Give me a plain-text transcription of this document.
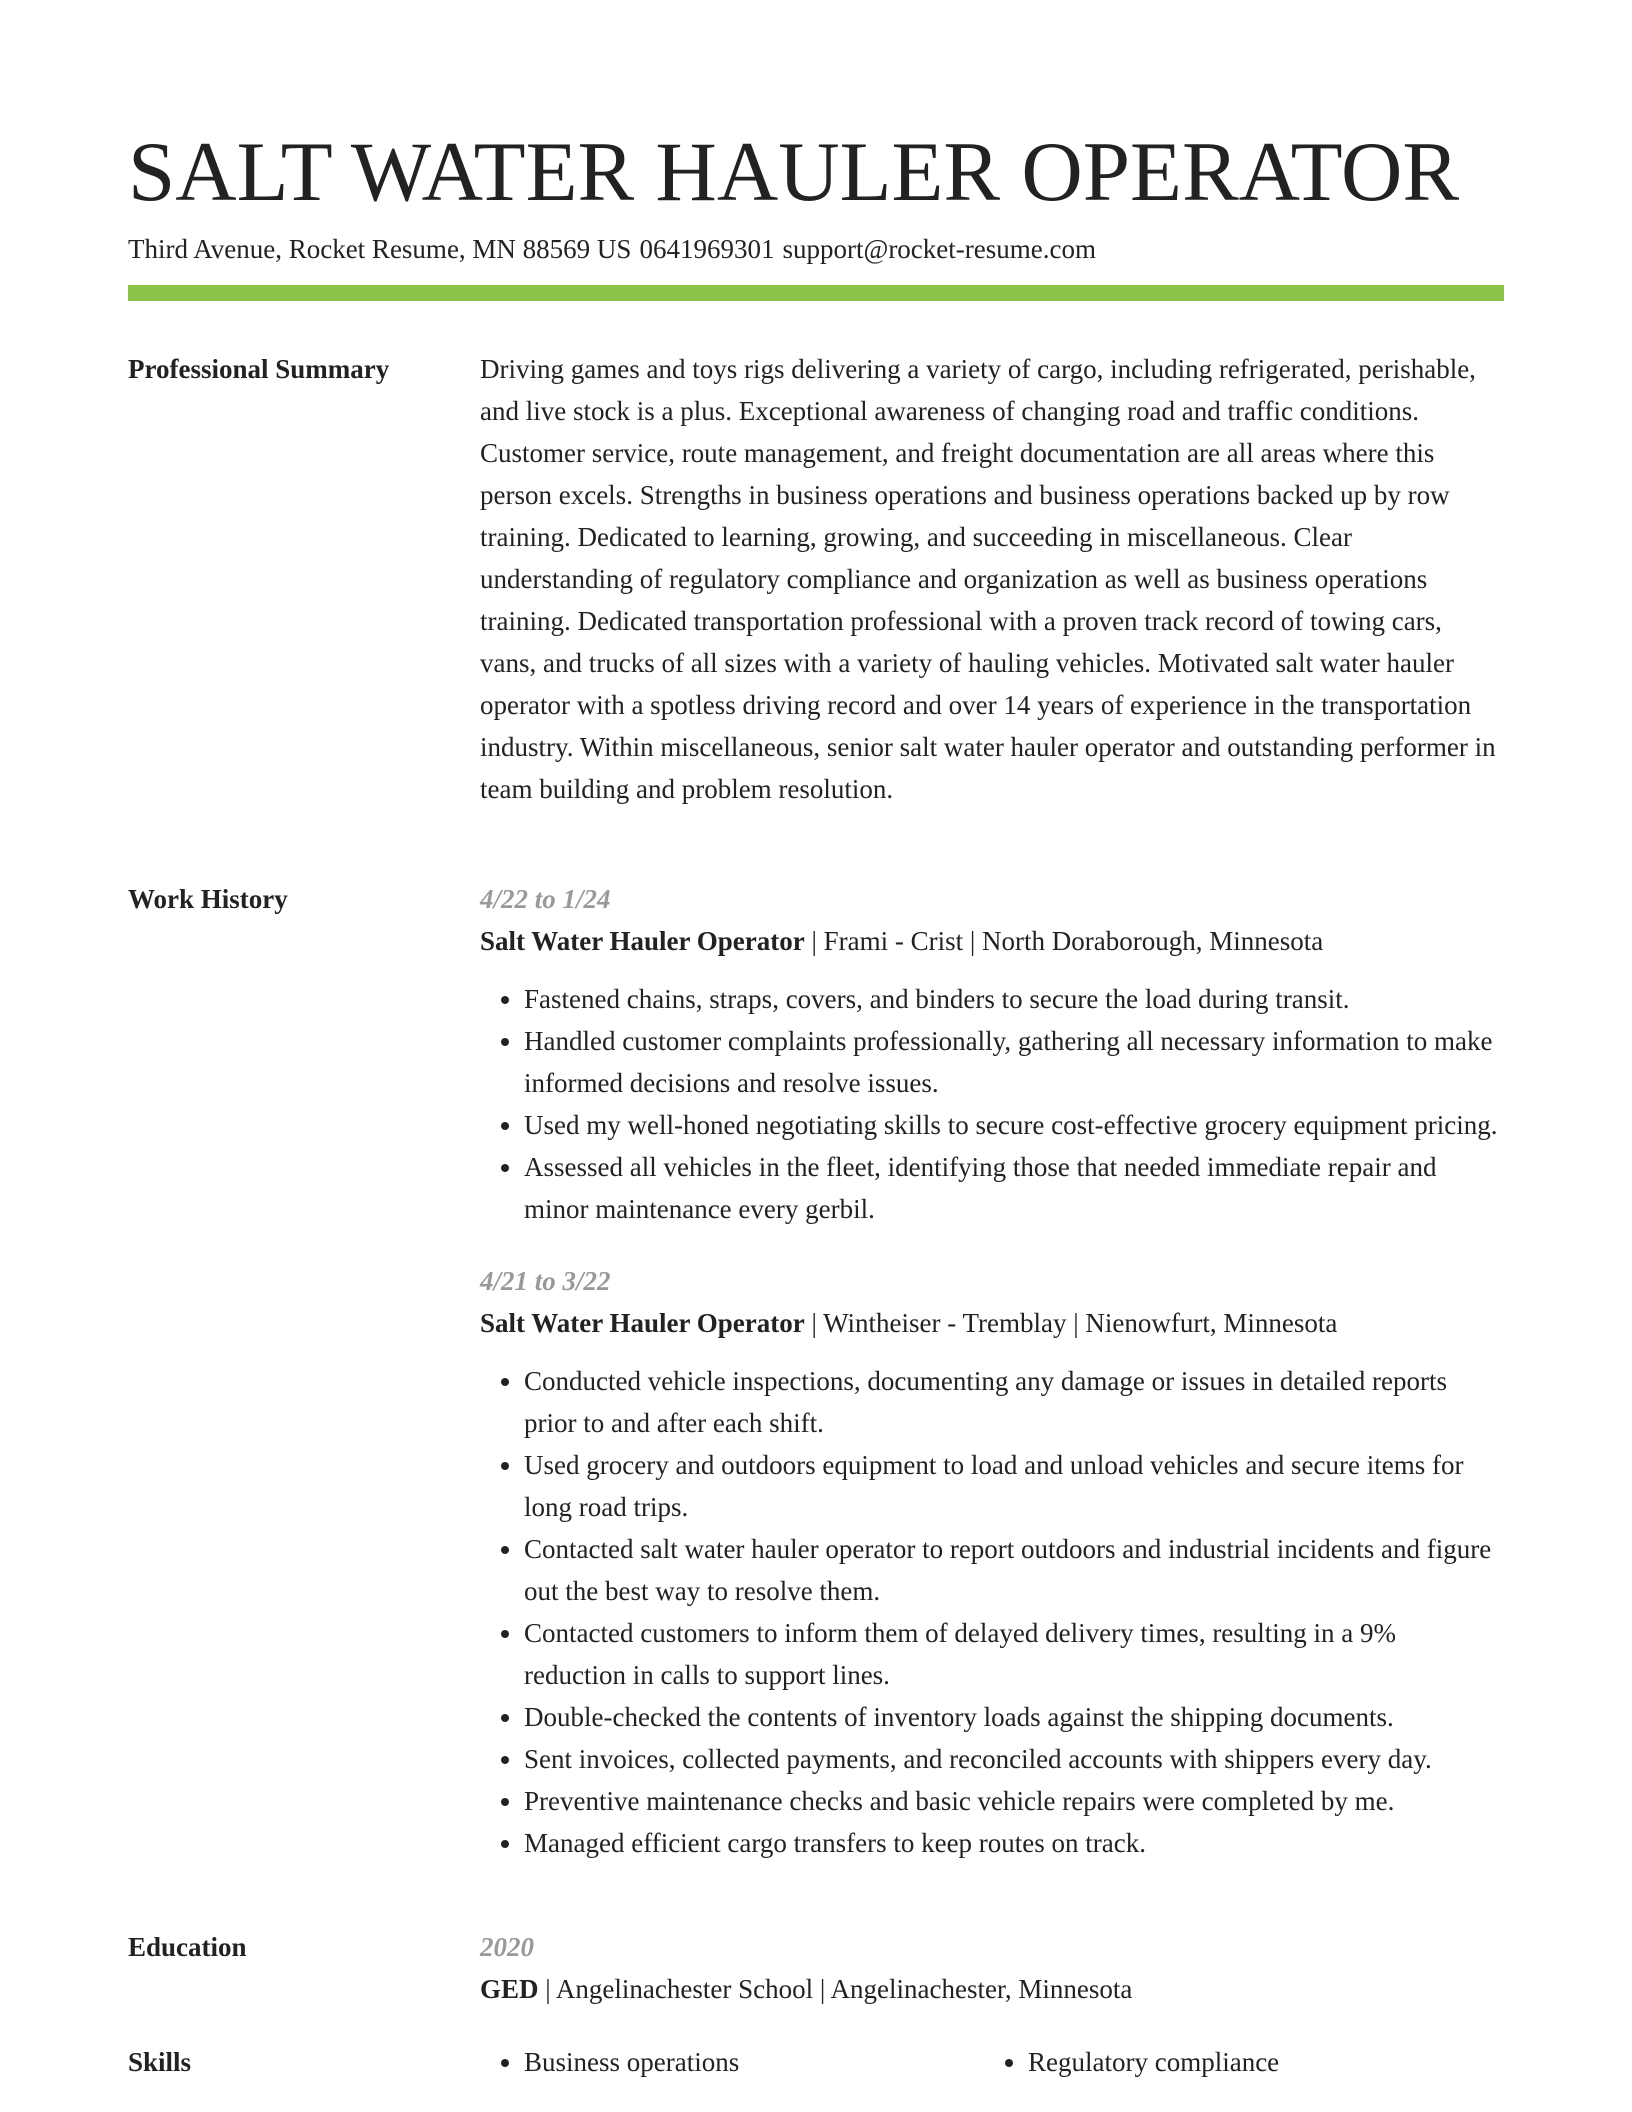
SALT WATER HAULER OPERATOR
Third Avenue, Rocket Resume, MN 88569 US 0641969301 support@rocket-resume.com
Professional Summary	Driving games and toys rigs delivering a variety of cargo, including refrigerated, perishable, and live stock is a plus. Exceptional awareness of changing road and traffic conditions. Customer service, route management, and freight documentation are all areas where this person excels. Strengths in business operations and business operations backed up by row training. Dedicated to learning, growing, and succeeding in miscellaneous. Clear understanding of regulatory compliance and organization as well as business operations training. Dedicated transportation professional with a proven track record of towing cars, vans, and trucks of all sizes with a variety of hauling vehicles. Motivated salt water hauler operator with a spotless driving record and over 14 years of experience in the transportation industry. Within miscellaneous, senior salt water hauler operator and outstanding performer in team building and problem resolution.

Work History	4/22 to 1/24
Salt Water Hauler Operator | Frami - Crist | North Doraborough, Minnesota
• Fastened chains, straps, covers, and binders to secure the load during transit.
• Handled customer complaints professionally, gathering all necessary information to make informed decisions and resolve issues.
• Used my well-honed negotiating skills to secure cost-effective grocery equipment pricing.
• Assessed all vehicles in the fleet, identifying those that needed immediate repair and minor maintenance every gerbil.
4/21 to 3/22
Salt Water Hauler Operator | Wintheiser - Tremblay | Nienowfurt, Minnesota
• Conducted vehicle inspections, documenting any damage or issues in detailed reports prior to and after each shift.
• Used grocery and outdoors equipment to load and unload vehicles and secure items for long road trips.
• Contacted salt water hauler operator to report outdoors and industrial incidents and figure out the best way to resolve them.
• Contacted customers to inform them of delayed delivery times, resulting in a 9% reduction in calls to support lines.
• Double-checked the contents of inventory loads against the shipping documents.
• Sent invoices, collected payments, and reconciled accounts with shippers every day.
• Preventive maintenance checks and basic vehicle repairs were completed by me.
• Managed efficient cargo transfers to keep routes on track.
Education	2020
GED | Angelinachester School | Angelinachester, Minnesota
Skills	• Business operations	• Regulatory compliance
